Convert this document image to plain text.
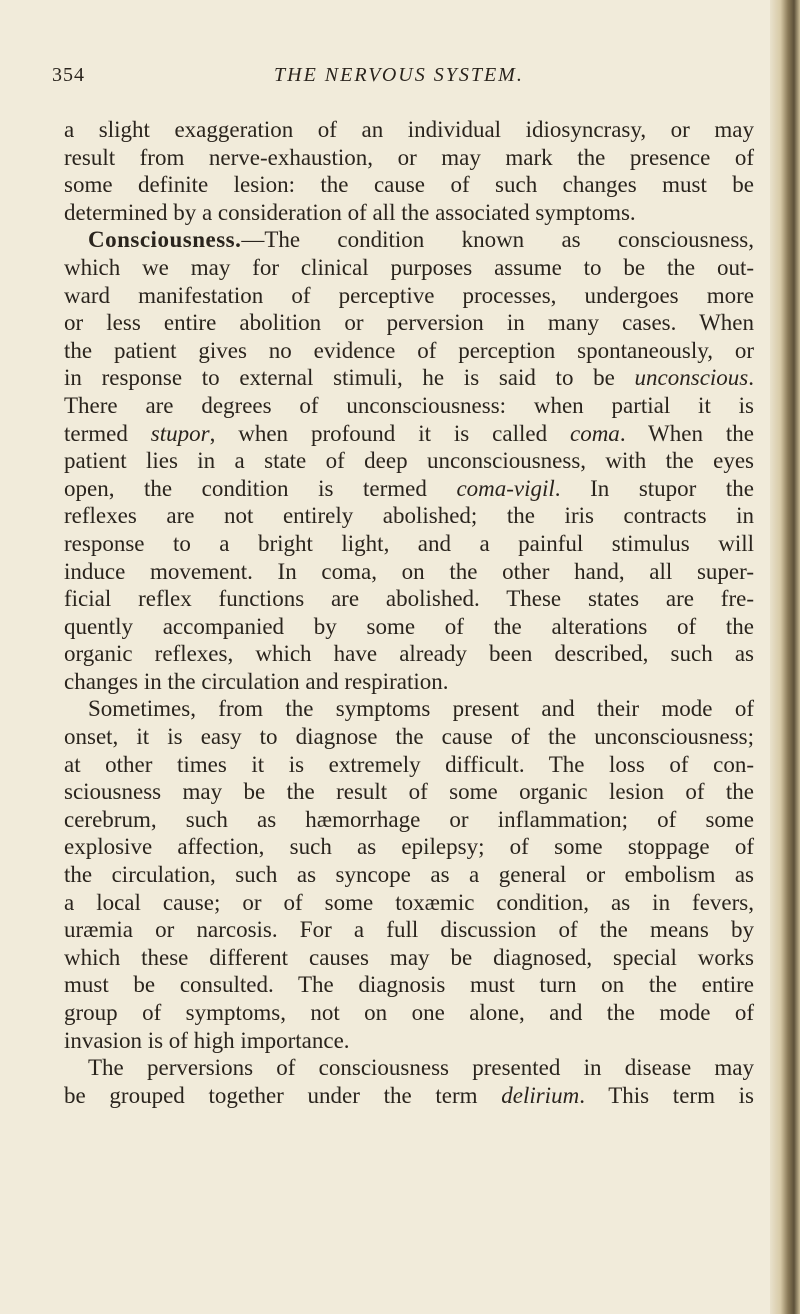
354	THE NERVOUS SYSTEM.

a slight exaggeration of an individual idiosyncrasy, or may

result from nerve-exhaustion, or may mark the presence of

some definite lesion: the cause of such changes must be

determined by a consideration of all the associated symptoms.

Consciousness.—The condition known as consciousness,

which we may for clinical purposes assume to be the out-

ward manifestation of perceptive processes, undergoes more

or less entire abolition or perversion in many cases. When

the patient gives no evidence of perception spontaneously, or

in response to external stimuli, he is said to be unconscious.

There are degrees of unconsciousness: when partial it is

termed stupor, when profound it is called coma. When the

patient lies in a state of deep unconsciousness, with the eyes

open, the condition is termed coma-vigil. In stupor the

reflexes are not entirely abolished; the iris contracts in

response to a bright light, and a painful stimulus will

induce movement. In coma, on the other hand, all super-

ficial reflex functions are abolished. These states are fre-

quently accompanied by some of the alterations of the

organic reflexes, which have already been described, such as

changes in the circulation and respiration.

Sometimes, from the symptoms present and their mode of

onset, it is easy to diagnose the cause of the unconsciousness;

at other times it is extremely difficult. The loss of con-

sciousness may be the result of some organic lesion of the

cerebrum, such as hæmorrhage or inflammation; of some

explosive affection, such as epilepsy; of some stoppage of

the circulation, such as syncope as a general or embolism as

a local cause; or of some toxæmic condition, as in fevers,

uræmia or narcosis. For a full discussion of the means by

which these different causes may be diagnosed, special works

must be consulted. The diagnosis must turn on the entire

group of symptoms, not on one alone, and the mode of

invasion is of high importance.

The perversions of consciousness presented in disease may

be grouped together under the term delirium. This term is
